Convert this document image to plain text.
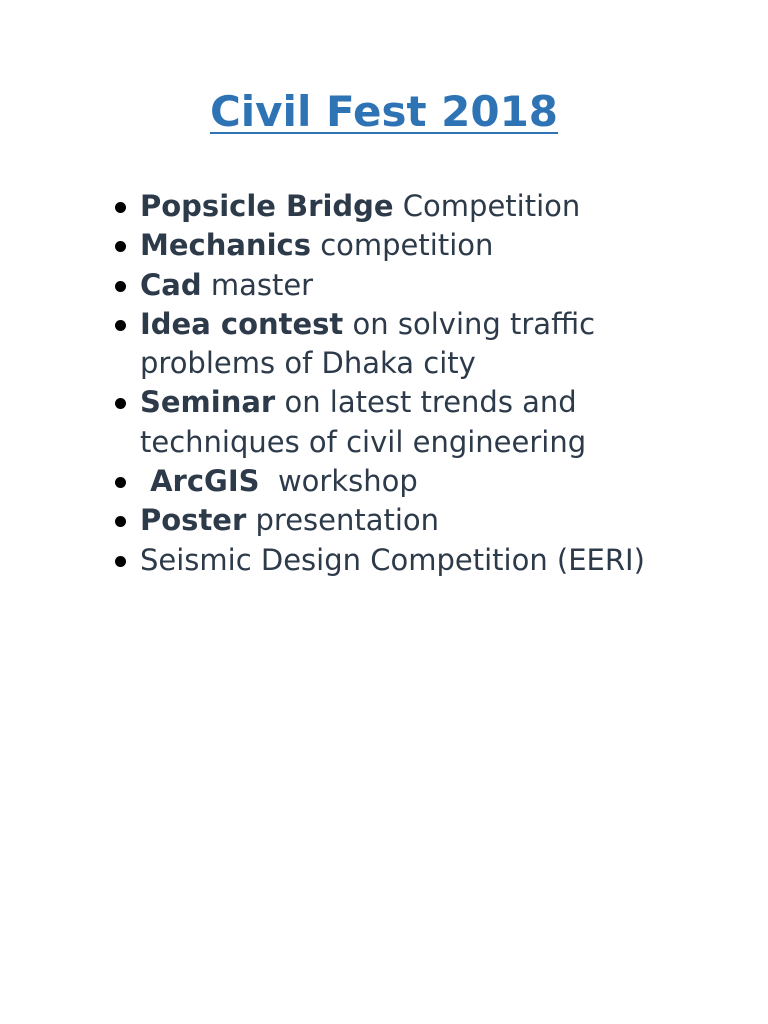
Civil Fest 2018
Popsicle Bridge Competition
Mechanics competition
Cad master
Idea contest on solving traffic problems of Dhaka city
Seminar on latest trends and techniques of civil engineering
ArcGIS  workshop
Poster presentation
Seismic Design Competition (EERI)
